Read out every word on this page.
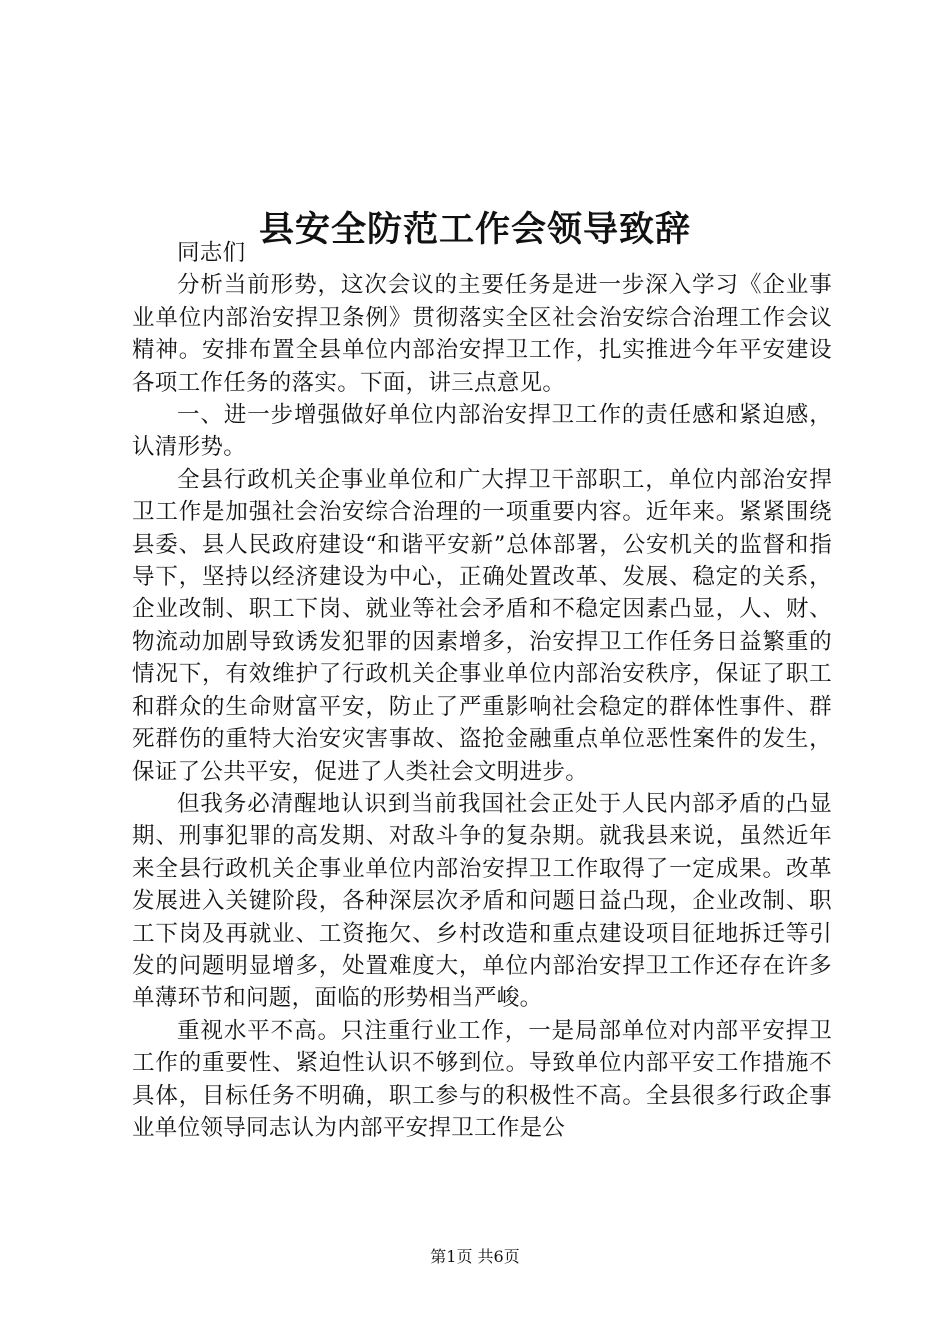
县安全防范工作会领导致辞

同志们

分析当前形势，这次会议的主要任务是进一步深入学习《企业事业单位内部治安捍卫条例》贯彻落实全区社会治安综合治理工作会议精神。安排布置全县单位内部治安捍卫工作，扎实推进今年平安建设各项工作任务的落实。下面，讲三点意见。

一、进一步增强做好单位内部治安捍卫工作的责任感和紧迫感，认清形势。

全县行政机关企事业单位和广大捍卫干部职工，单位内部治安捍卫工作是加强社会治安综合治理的一项重要内容。近年来。紧紧围绕县委、县人民政府建设“和谐平安新”总体部署，公安机关的监督和指导下，坚持以经济建设为中心，正确处置改革、发展、稳定的关系，企业改制、职工下岗、就业等社会矛盾和不稳定因素凸显，人、财、物流动加剧导致诱发犯罪的因素增多，治安捍卫工作任务日益繁重的情况下，有效维护了行政机关企事业单位内部治安秩序，保证了职工和群众的生命财富平安，防止了严重影响社会稳定的群体性事件、群死群伤的重特大治安灾害事故、盗抢金融重点单位恶性案件的发生，保证了公共平安，促进了人类社会文明进步。

但我务必清醒地认识到当前我国社会正处于人民内部矛盾的凸显期、刑事犯罪的高发期、对敌斗争的复杂期。就我县来说，虽然近年来全县行政机关企事业单位内部治安捍卫工作取得了一定成果。改革发展进入关键阶段，各种深层次矛盾和问题日益凸现，企业改制、职工下岗及再就业、工资拖欠、乡村改造和重点建设项目征地拆迁等引发的问题明显增多，处置难度大，单位内部治安捍卫工作还存在许多单薄环节和问题，面临的形势相当严峻。

重视水平不高。只注重行业工作，一是局部单位对内部平安捍卫工作的重要性、紧迫性认识不够到位。导致单位内部平安工作措施不具体，目标任务不明确，职工参与的积极性不高。全县很多行政企事业单位领导同志认为内部平安捍卫工作是公

第1页 共6页
